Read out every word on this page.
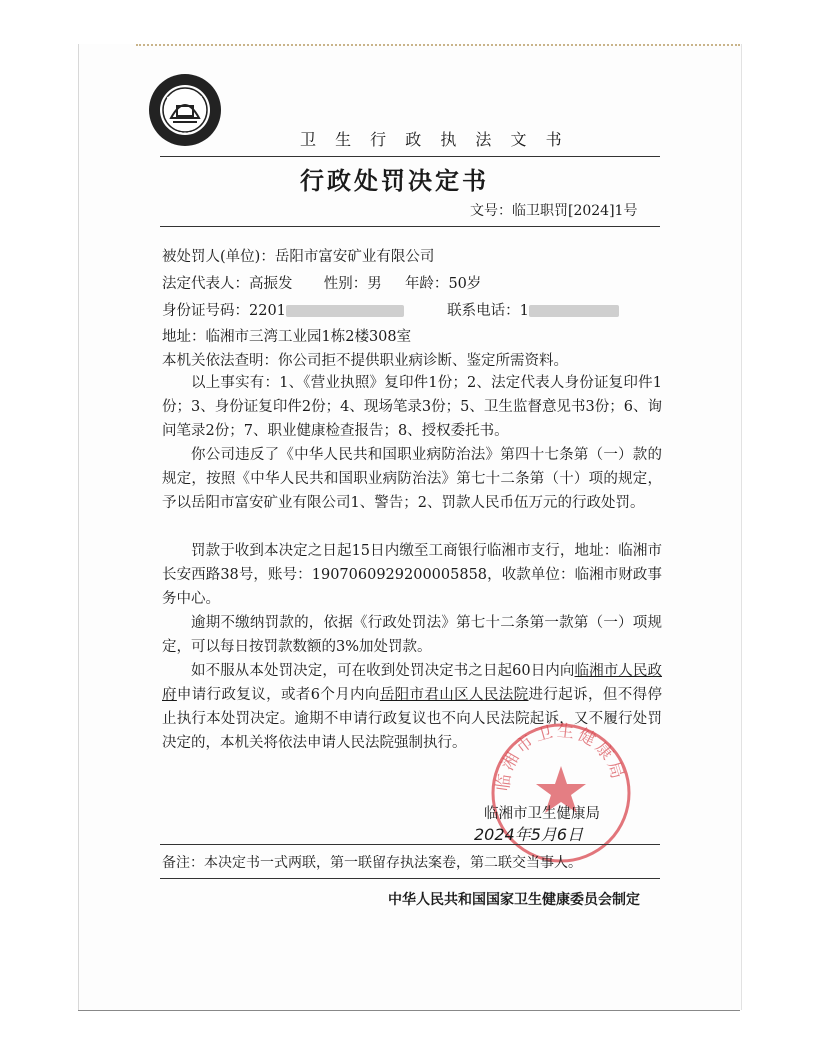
卫 生 行 政 执 法 文 书
行政处罚决定书
文号：临卫职罚[2024]1号
被处罚人(单位)：岳阳市富安矿业有限公司
法定代表人：高振发 性别：男 年龄：50岁
身份证号码：2201	联系电话：1
地址：临湘市三湾工业园1栋2楼308室
本机关依法查明：你公司拒不提供职业病诊断、鉴定所需资料。
以上事实有：1、《营业执照》复印件1份；2、法定代表人身份证复印件1份；3、身份证复印件2份；4、现场笔录3份；5、卫生监督意见书3份；6、询问笔录2份；7、职业健康检查报告；8、授权委托书。
你公司违反了《中华人民共和国职业病防治法》第四十七条第（一）款的规定，按照《中华人民共和国职业病防治法》第七十二条第（十）项的规定，予以岳阳市富安矿业有限公司1、警告；2、罚款人民币伍万元的行政处罚。
罚款于收到本决定之日起15日内缴至工商银行临湘市支行，地址：临湘市长安西路38号，账号：1907060929200005858，收款单位：临湘市财政事务中心。
逾期不缴纳罚款的，依据《行政处罚法》第七十二条第一款第（一）项规定，可以每日按罚款数额的3%加处罚款。
如不服从本处罚决定，可在收到处罚决定书之日起60日内向临湘市人民政府申请行政复议，或者6个月内向岳阳市君山区人民法院进行起诉，但不得停止执行本处罚决定。逾期不申请行政复议也不向人民法院起诉，又不履行处罚决定的，本机关将依法申请人民法院强制执行。
临湘市卫生健康局
临湘市卫生健康局
2024年5月6日
备注：本决定书一式两联，第一联留存执法案卷，第二联交当事人。
中华人民共和国国家卫生健康委员会制定
